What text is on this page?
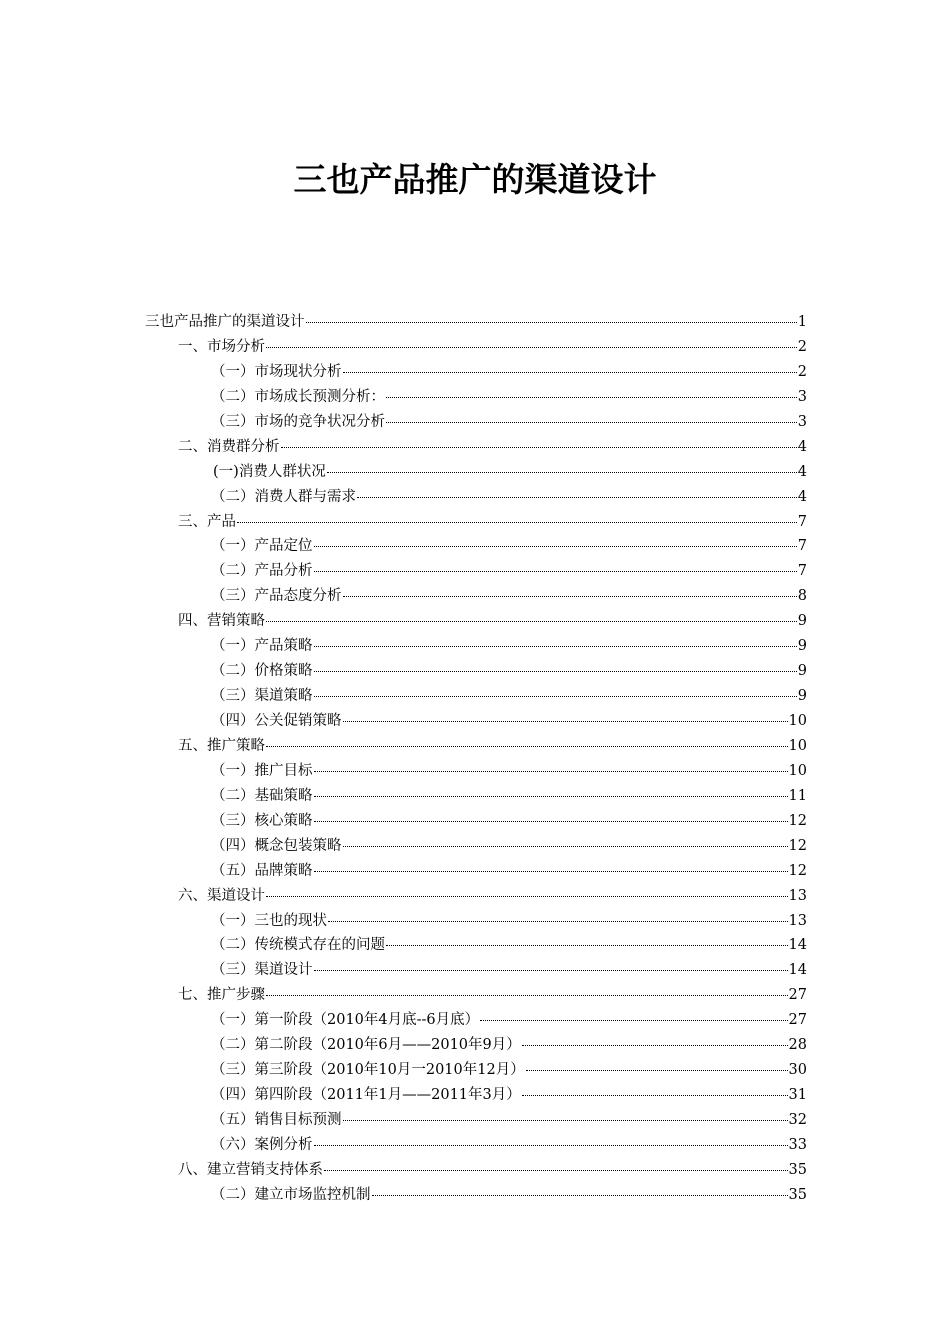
三也产品推广的渠道设计
三也产品推广的渠道设计	1
一、市场分析	2
（一）市场现状分析	2
（二）市场成长预测分析：	3
（三）市场的竞争状况分析	3
二、消费群分析	4
(一)消费人群状况	4
（二）消费人群与需求	4
三、产品	7
（一）产品定位	7
（二）产品分析	7
（三）产品态度分析	8
四、营销策略	9
（一）产品策略	9
（二）价格策略	9
（三）渠道策略	9
（四）公关促销策略	10
五、推广策略	10
（一）推广目标	10
（二）基础策略	11
（三）核心策略	12
（四）概念包装策略	12
（五）品牌策略	12
六、渠道设计	13
（一）三也的现状	13
（二）传统模式存在的问题	14
（三）渠道设计	14
七、推广步骤	27
（一）第一阶段（2010年4月底--6月底）	27
（二）第二阶段（2010年6月——2010年9月）	28
（三）第三阶段（2010年10月一2010年12月）	30
（四）第四阶段（2011年1月——2011年3月）	31
（五）销售目标预测	32
（六）案例分析	33
八、建立营销支持体系	35
（二）建立市场监控机制	35
